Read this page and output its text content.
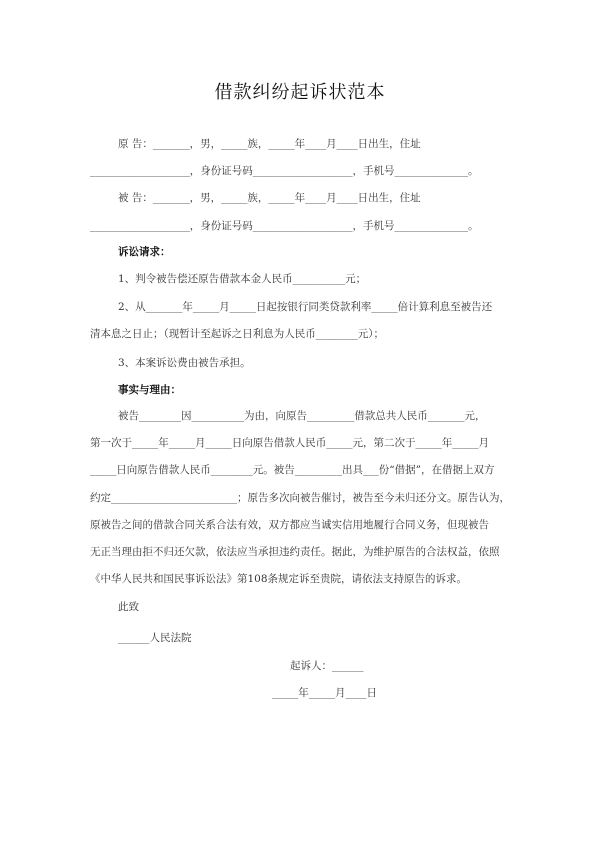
借款纠纷起诉状范本
原 告：_______，男，_____族，_____年____月____日出生，住址
___________________，身份证号码___________________，手机号______________。
被 告：_______，男，_____族，_____年____月____日出生，住址
___________________，身份证号码___________________，手机号______________。
诉讼请求：
1、判令被告偿还原告借款本金人民币__________元；
2、从_______年_____月_____日起按银行同类贷款利率_____倍计算利息至被告还
清本息之日止；（现暂计至起诉之日利息为人民币________元）；
3、本案诉讼费由被告承担。
事实与理由：
被告________因__________为由，向原告_________借款总共人民币_______元，
第一次于_____年_____月_____日向原告借款人民币_____元，第二次于_____年_____月
_____日向原告借款人民币________元。被告_________出具___份“借据”，在借据上双方
约定________________________；原告多次向被告催讨，被告至今未归还分文。原告认为，
原被告之间的借款合同关系合法有效，双方都应当诚实信用地履行合同义务，但现被告
无正当理由拒不归还欠款，依法应当承担违约责任。据此，为维护原告的合法权益，依照
《中华人民共和国民事诉讼法》第108条规定诉至贵院，请依法支持原告的诉求。
此致
______人民法院
起诉人：______
_____年_____月____日
